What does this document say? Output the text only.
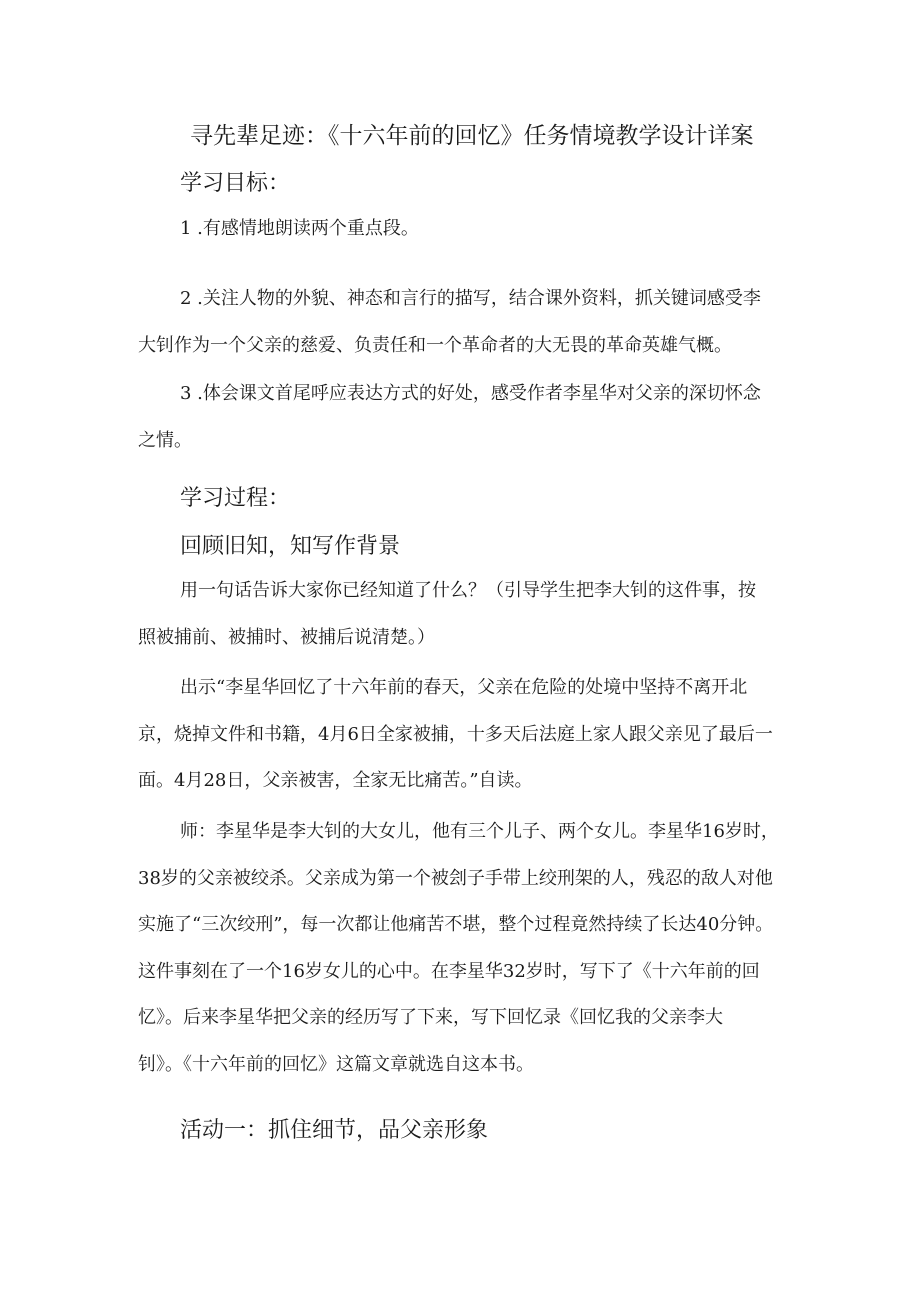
寻先辈足迹：《十六年前的回忆》任务情境教学设计详案
学习目标：
1 .有感情地朗读两个重点段。
2 .关注人物的外貌、神态和言行的描写，结合课外资料，抓关键词感受李
大钊作为一个父亲的慈爱、负责任和一个革命者的大无畏的革命英雄气概。
3 .体会课文首尾呼应表达方式的好处，感受作者李星华对父亲的深切怀念
之情。
学习过程：
回顾旧知，知写作背景
用一句话告诉大家你已经知道了什么？（引导学生把李大钊的这件事，按
照被捕前、被捕时、被捕后说清楚。）
出示“李星华回忆了十六年前的春天，父亲在危险的处境中坚持不离开北
京，烧掉文件和书籍，4月6日全家被捕，十多天后法庭上家人跟父亲见了最后一
面。4月28日，父亲被害，全家无比痛苦。”自读。
师：李星华是李大钊的大女儿，他有三个儿子、两个女儿。李星华16岁时，
38岁的父亲被绞杀。父亲成为第一个被刽子手带上绞刑架的人，残忍的敌人对他
实施了“三次绞刑”，每一次都让他痛苦不堪，整个过程竟然持续了长达40分钟。
这件事刻在了一个16岁女儿的心中。在李星华32岁时，写下了《十六年前的回
忆》。后来李星华把父亲的经历写了下来，写下回忆录《回忆我的父亲李大
钊》。《十六年前的回忆》这篇文章就选自这本书。
活动一：抓住细节，品父亲形象
